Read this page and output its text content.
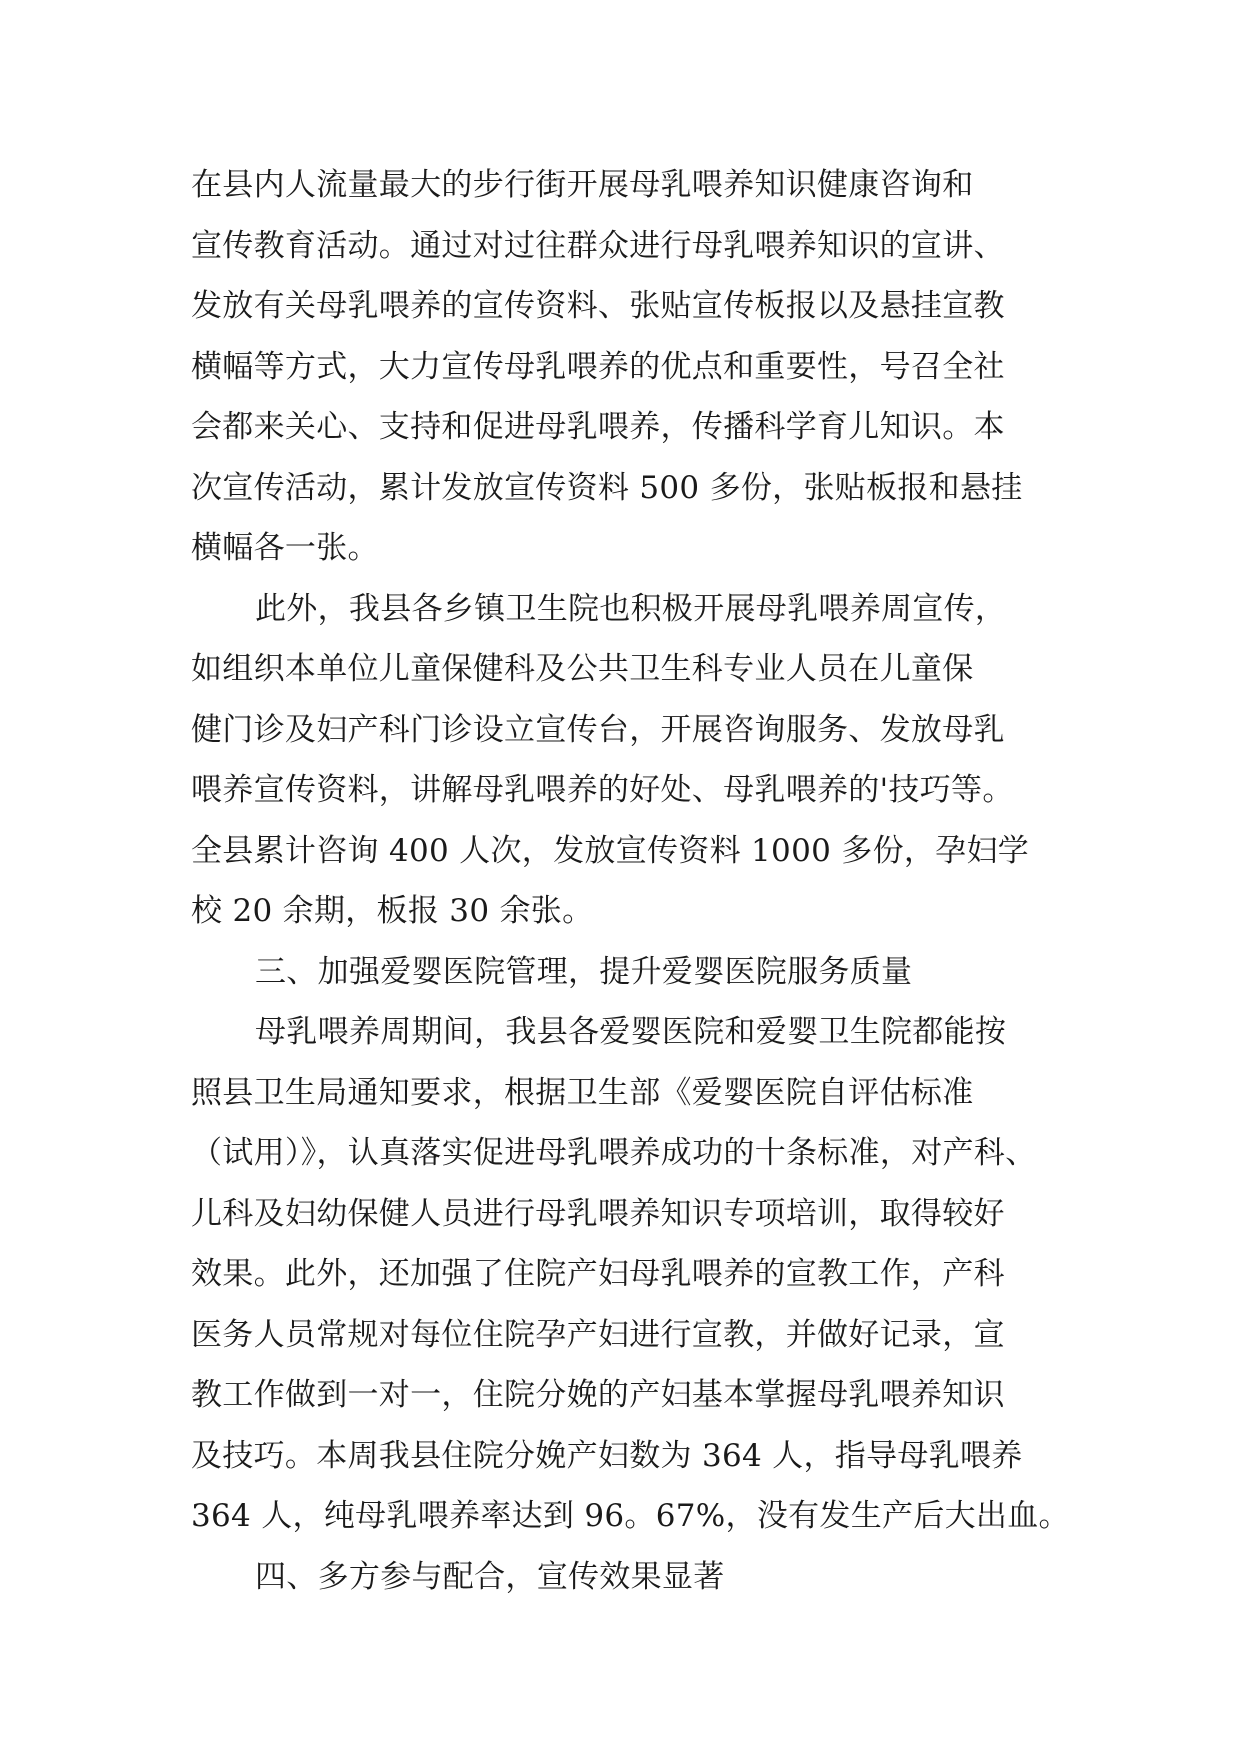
在县内人流量最大的步行街开展母乳喂养知识健康咨询和
宣传教育活动。通过对过往群众进行母乳喂养知识的宣讲、
发放有关母乳喂养的宣传资料、张贴宣传板报以及悬挂宣教
横幅等方式，大力宣传母乳喂养的优点和重要性，号召全社
会都来关心、支持和促进母乳喂养，传播科学育儿知识。本
次宣传活动，累计发放宣传资料 500 多份，张贴板报和悬挂
横幅各一张。
此外，我县各乡镇卫生院也积极开展母乳喂养周宣传，
如组织本单位儿童保健科及公共卫生科专业人员在儿童保
健门诊及妇产科门诊设立宣传台，开展咨询服务、发放母乳
喂养宣传资料，讲解母乳喂养的好处、母乳喂养的'技巧等。
全县累计咨询 400 人次，发放宣传资料 1000 多份，孕妇学
校 20 余期，板报 30 余张。
三、加强爱婴医院管理，提升爱婴医院服务质量
母乳喂养周期间，我县各爱婴医院和爱婴卫生院都能按
照县卫生局通知要求，根据卫生部《爱婴医院自评估标准
（试用）》，认真落实促进母乳喂养成功的十条标准，对产科、
儿科及妇幼保健人员进行母乳喂养知识专项培训，取得较好
效果。此外，还加强了住院产妇母乳喂养的宣教工作，产科
医务人员常规对每位住院孕产妇进行宣教，并做好记录，宣
教工作做到一对一，住院分娩的产妇基本掌握母乳喂养知识
及技巧。本周我县住院分娩产妇数为 364 人，指导母乳喂养
364 人，纯母乳喂养率达到 96。67%，没有发生产后大出血。
四、多方参与配合，宣传效果显著
